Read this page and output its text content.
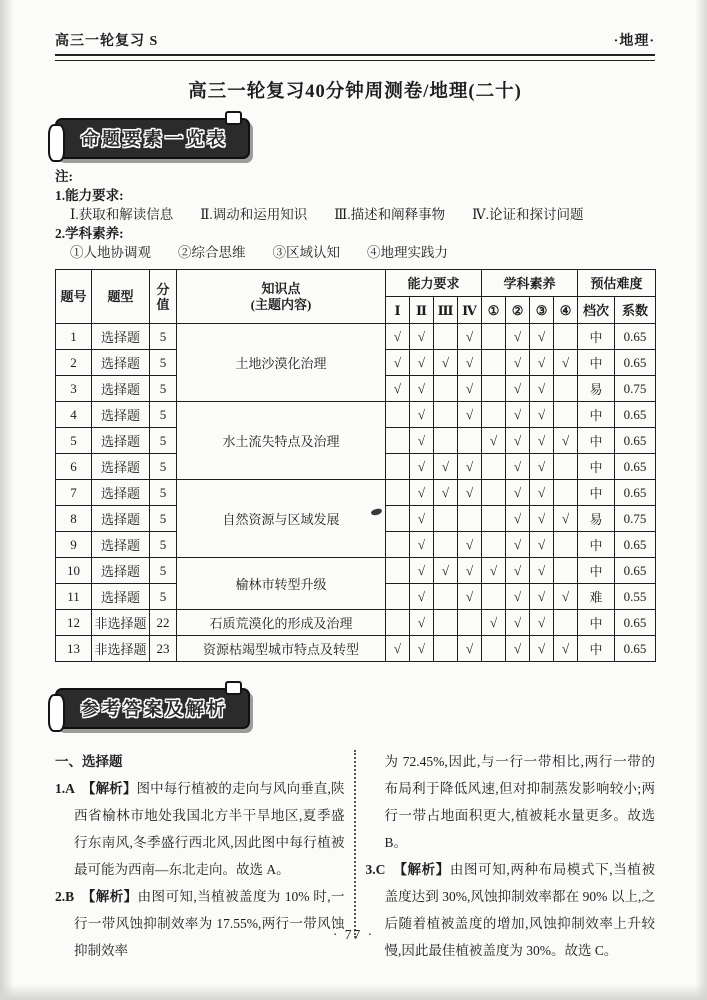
高三一轮复习 S	·地理·
高三一轮复习40分钟周测卷/地理(二十)
命题要素一览表
注:
1.能力要求:
Ⅰ.获取和解读信息　　Ⅱ.调动和运用知识　　Ⅲ.描述和阐释事物　　Ⅳ.论证和探讨问题
2.学科素养:
①人地协调观　　②综合思维　　③区域认知　　④地理实践力
题号	题型	分值	知识点
(主题内容)	能力要求				学科素养				预估难度	
				Ⅰ	Ⅱ	Ⅲ	Ⅳ	①	②	③	④	档次	系数
1	选择题	5	土地沙漠化治理	√	√		√		√	√		中	0.65
2	选择题	5		√	√	√	√		√	√	√	中	0.65
3	选择题	5		√	√		√		√	√		易	0.75
4	选择题	5	水土流失特点及治理		√		√		√	√		中	0.65
5	选择题	5			√			√	√	√	√	中	0.65
6	选择题	5			√	√	√		√	√		中	0.65
7	选择题	5	自然资源与区域发展		√	√	√		√	√		中	0.65
8	选择题	5			√				√	√	√	易	0.75
9	选择题	5			√		√		√	√		中	0.65
10	选择题	5	榆林市转型升级		√	√	√	√	√	√		中	0.65
11	选择题	5			√		√		√	√	√	难	0.55
12	非选择题	22	石质荒漠化的形成及治理		√			√	√	√		中	0.65
13	非选择题	23	资源枯竭型城市特点及转型	√	√		√		√	√	√	中	0.65
参考答案及解析
一、选择题

1.A　 【解析】图中每行植被的走向与风向垂直,陕西省榆林市地处我国北方半干旱地区,夏季盛行东南风,冬季盛行西北风,因此图中每行植被最可能为西南—东北走向。故选 A。

2.B　 【解析】由图可知,当植被盖度为 10% 时,一行一带风蚀抑制效率为 17.55%,两行一带风蚀抑制效率

为 72.45%,因此,与一行一带相比,两行一带的布局利于降低风速,但对抑制蒸发影响较小;两行一带占地面积更大,植被耗水量更多。故选 B。

3.C　 【解析】由图可知,两种布局模式下,当植被盖度达到 30%,风蚀抑制效率都在 90% 以上,之后随着植被盖度的增加,风蚀抑制效率上升较慢,因此最佳植被盖度为 30%。故选 C。

· 77 ·
